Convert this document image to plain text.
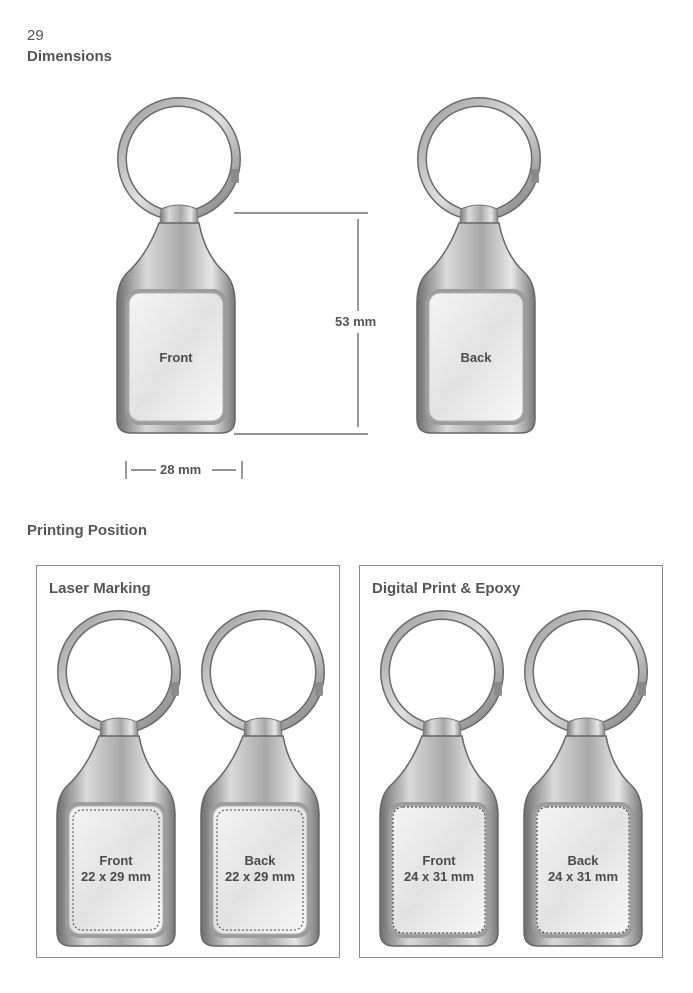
29
Dimensions
Front	Back
53 mm
28 mm
Printing Position
Laser Marking
Front
22 x 29 mm
Back
22 x 29 mm
Digital Print & Epoxy
Front
24 x 31 mm
Back
24 x 31 mm
